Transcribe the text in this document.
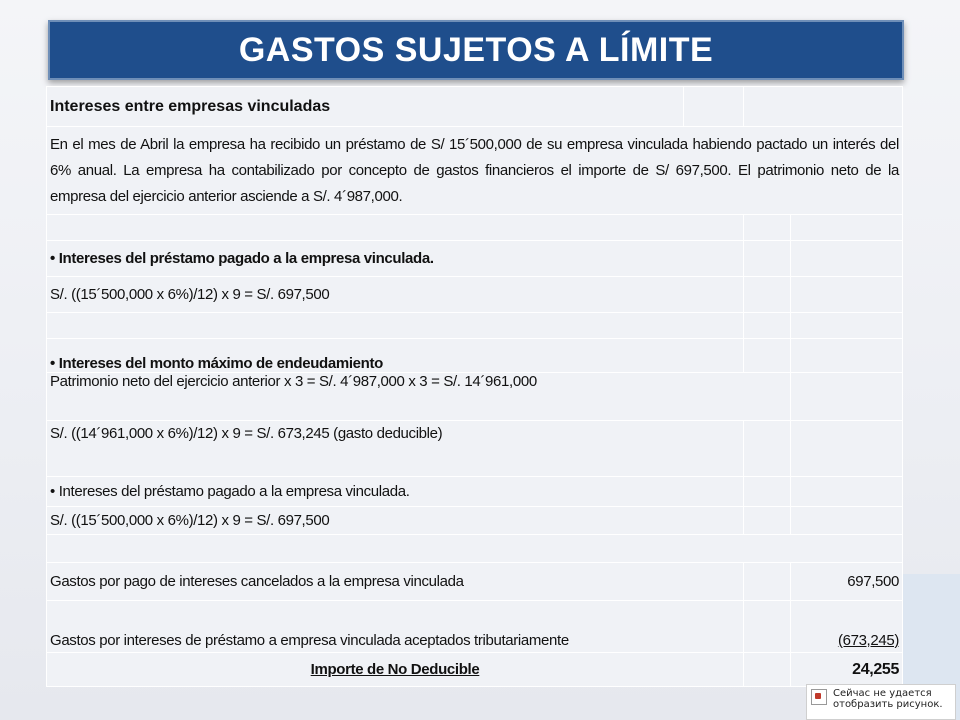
GASTOS SUJETOS A LÍMITE
Intereses entre empresas vinculadas			
En el mes de Abril la empresa ha recibido un préstamo de S/ 15´500,000 de su empresa vinculada habiendo pactado un interés del 6% anual. La empresa ha contabilizado por concepto de gastos financieros el importe de S/ 697,500. El patrimonio neto de la empresa del ejercicio anterior asciende a S/. 4´987,000.			

• Intereses del préstamo pagado a la empresa vinculada.			
S/. ((15´500,000 x 6%)/12) x 9 = S/. 697,500			

• Intereses del monto máximo de endeudamiento			
Patrimonio neto del ejercicio anterior x 3 = S/. 4´987,000 x 3 = S/. 14´961,000			
S/. ((14´961,000 x 6%)/12) x 9 = S/. 673,245 (gasto deducible)			
• Intereses del préstamo pagado a la empresa vinculada.			
S/. ((15´500,000 x 6%)/12) x 9 = S/. 697,500			

Gastos por pago de intereses cancelados a la empresa vinculada			697,500
Gastos por intereses de préstamo a empresa vinculada aceptados tributariamente			(673,245)
Importe de No Deducible			24,255
Сейчас не удается отобразить рисунок.
